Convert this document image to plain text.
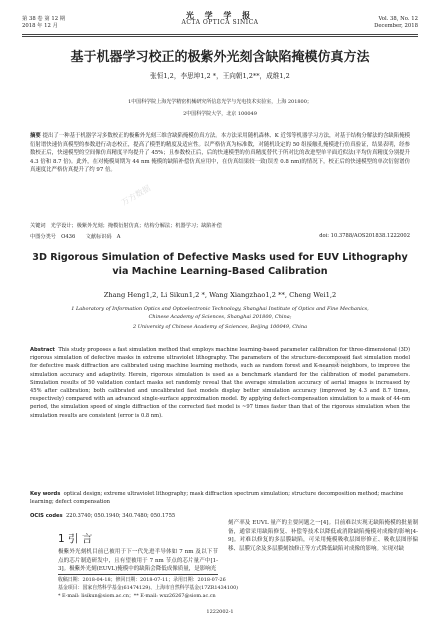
万方数据
万方数据
第 38 卷 第 12 期
2018 年 12 月
光 学 学 报
ACTA OPTICA SINICA	Vol. 38, No. 12
December, 2018
基于机器学习校正的极紫外光刻含缺陷掩模仿真方法
张恒1,2，李思坤1,2 *，王向朝1,2**，成维1,2
1中国科学院上海光学精密机械研究所信息光学与光电技术实验室，上海 201800；
2中国科学院大学，北京 100049
摘要 提出了一种基于机器学习多数校正的极紫外光刻三维含缺陷掩模仿真方法。本方法采用随机森林、K 近邻等机器学习方法，对基于结构分解法的含缺陷掩模衍射谱快速仿真模型的参数进行动态校正，提高了模型的精度及适应性。以严格仿真为标准数，对随机设定的 50 组接触孔掩模进行仿真验证，结果表明，经参数校正后，快速模型的空间像仿真精度平均提升了 45%；且参数校正后，后的快速模型的仿真精度替代于所对比的改进型单平面近似法(平均仿真精度分别提升 4.3 倍和 8.7 倍)。此外，在对掩模周期为 44 nm 掩模的缺陷补偿仿真应用中，在仿真结果较一致(误差 0.8 nm)的情况下，校正后的快速模型的单次衍射谱仿真速度比严格仿真提升了约 97 倍。
关键词　光学设计；极紫外光刻；掩模衍射仿真；结构分解法；机器学习；缺陷补偿
中图分类号　O436　　文献标识码　A	doi: 10.3788/AOS201838.1222002
3D Rigorous Simulation of Defective Masks used for EUV Lithography
via Machine Learning-Based Calibration
Zhang Heng1,2, Li Sikun1,2 *, Wang Xiangzhao1,2 **, Cheng Wei1,2
1 Laboratory of Information Optics and Optoelectronic Technology, Shanghai Institute of Optics and Fine Mechanics,
Chinese Academy of Sciences, Shanghai 201800, China;
2 University of Chinese Academy of Sciences, Beijing 100049, China
Abstract This study proposes a fast simulation method that employs machine learning-based parameter calibration for three-dimensional (3D) rigorous simulation of defective masks in extreme ultraviolet lithography. The parameters of the structure-decomposed fast simulation model for defective mask diffraction are calibrated using machine learning methods, such as random forest and K-nearest neighbors, to improve the simulation accuracy and adaptivity. Herein, rigorous simulation is used as a benchmark standard for the calibration of model parameters. Simulation results of 50 validation contact masks set randomly reveal that the average simulation accuracy of aerial images is increased by 45% after calibration; both calibrated and uncalibrated fast models display better simulation accuracy (improved by 4.3 and 8.7 times, respectively) compared with an advanced single-surface approximation model. By applying defect-compensation simulation to a mask of 44-nm period, the simulation speed of single diffraction of the corrected fast model is ~97 times faster than that of the rigorous simulation when the simulation results are consistent (error is 0.8 nm).
Key words optical design; extreme ultraviolet lithography; mask diffraction spectrum simulation; structure decomposition method; machine learning; defect compensation
OCIS codes 220.3740; 050.1940; 340.7480; 050.1755
1 引 言
极紫外光刻机目前已被用于下一代先进半导体如 7 nm 及以下节点的芯片制造研发中，且有望被用于 7 nm 节点的芯片量产中[1-3]。极紫外光刻(EUVL)掩模中的缺陷会降低成像质量，是影响光
刻产率及 EUVL 量产的主要问题之一[4]。目前难以实现无缺陷掩模的批量制备，通常采用缺陷修复、补偿等技术以降低或消除缺陷掩模对成像的影响[4-9]。对难以修复的多层膜缺陷，可采用掩模吸收层图形修正、吸收层图形偏移、层膜冗余及多层膜刻蚀修正等方式降低缺陷对成像的影响。实现对缺
收稿日期：2018-04-18；修回日期：2018-07-11；录用日期：2018-07-26
基金项目：国家自然科学基金(61474129)、上海市自然科学基金(17ZR1434100)
* E-mail: lisikun@siom.ac.cn；** E-mail: wxz26267@siom.ac.cn
1222002-1
